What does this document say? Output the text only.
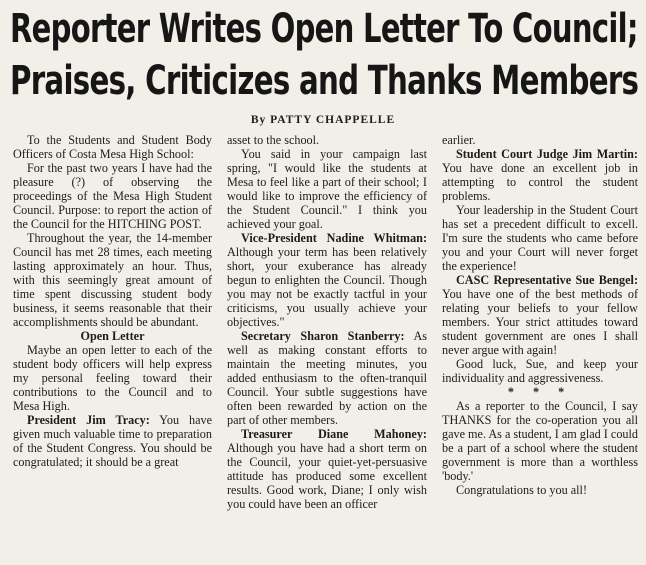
Reporter Writes Open Letter To Council;
Praises, Criticizes and Thanks Members
By PATTY CHAPPELLE

To the Students and Student Body Officers of Costa Mesa High School:

For the past two years I have had the pleasure (?) of observing the proceedings of the Mesa High Student Council. Purpose: to report the action of the Council for the HITCHING POST.

Throughout the year, the 14-member Council has met 28 times, each meeting lasting approximately an hour. Thus, with this seemingly great amount of time spent discussing student body business, it seems reasonable that their accomplishments should be abundant.

Open Letter

Maybe an open letter to each of the student body officers will help express my personal feeling toward their contributions to the Council and to Mesa High.

President Jim Tracy: You have given much valuable time to preparation of the Student Congress. You should be congratulated; it should be a great

asset to the school.

You said in your campaign last spring, "I would like the students at Mesa to feel like a part of their school; I would like to improve the efficiency of the Student Council." I think you achieved your goal.

Vice-President Nadine Whitman: Although your term has been relatively short, your exuberance has already begun to enlighten the Council. Though you may not be exactly tactful in your criticisms, you usually achieve your objectives."

Secretary Sharon Stanberry: As well as making constant efforts to maintain the meeting minutes, you added enthusiasm to the often-tranquil Council. Your subtle suggestions have often been rewarded by action on the part of other members.

Treasurer Diane Mahoney: Although you have had a short term on the Council, your quiet-yet-persuasive attitude has produced some excellent results. Good work, Diane; I only wish you could have been an officer

earlier.

Student Court Judge Jim Martin: You have done an excellent job in attempting to control the student problems.

Your leadership in the Student Court has set a precedent difficult to excell. I'm sure the students who came before you and your Court will never forget the experience!

CASC Representative Sue Bengel: You have one of the best methods of relating your beliefs to your fellow members. Your strict attitudes toward student government are ones I shall never argue with again!

Good luck, Sue, and keep your individuality and aggressiveness.

* * *

As a reporter to the Council, I say THANKS for the co-operation you all gave me. As a student, I am glad I could be a part of a school where the student government is more than a worthless 'body.'

Congratulations to you all!
